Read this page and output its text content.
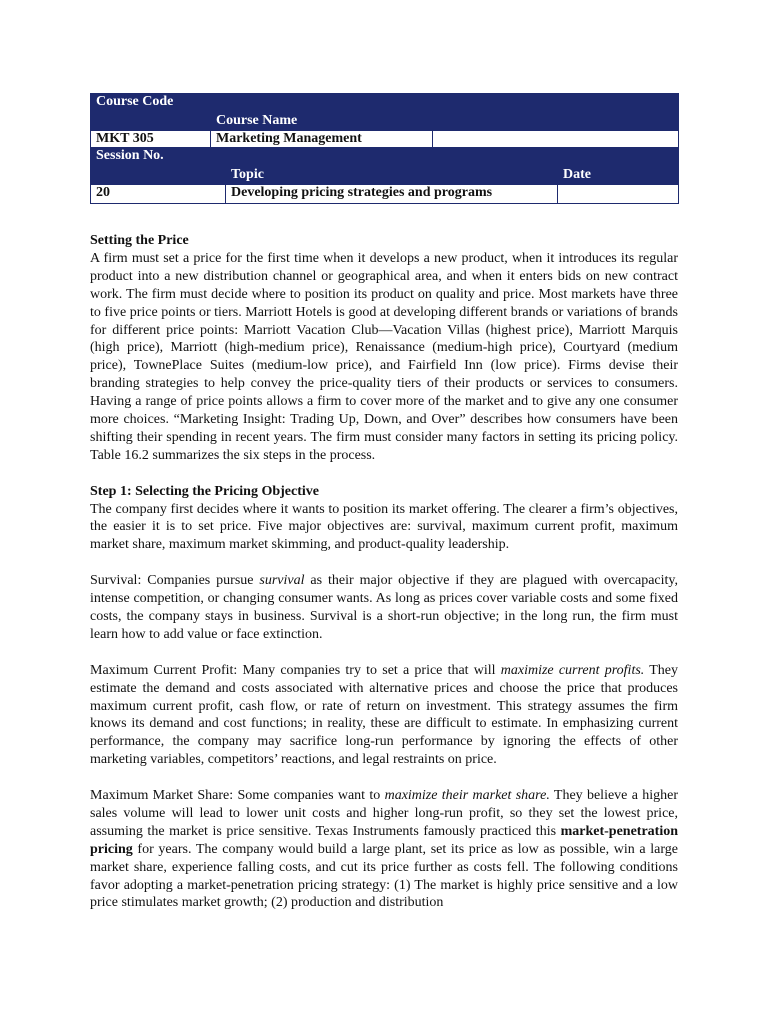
Course Code	Course Name	

MKT 305	Marketing Management	
Session No.	Topic	Date

20	Developing pricing strategies and programs	
Setting the Price

A firm must set a price for the first time when it develops a new product, when it introduces its regular product into a new distribution channel or geographical area, and when it enters bids on new contract work. The firm must decide where to position its product on quality and price. Most markets have three to five price points or tiers. Marriott Hotels is good at developing different brands or variations of brands for different price points: Marriott Vacation Club—Vacation Villas (highest price), Marriott Marquis (high price), Marriott (high-medium price), Renaissance (medium-high price), Courtyard (medium price), TownePlace Suites (medium-low price), and Fairfield Inn (low price). Firms devise their branding strategies to help convey the price-quality tiers of their products or services to consumers. Having a range of price points allows a firm to cover more of the market and to give any one consumer more choices. “Marketing Insight: Trading Up, Down, and Over” describes how consumers have been shifting their spending in recent years. The firm must consider many factors in setting its pricing policy. Table 16.2 summarizes the six steps in the process.

Step 1: Selecting the Pricing Objective

The company first decides where it wants to position its market offering. The clearer a firm’s objectives, the easier it is to set price. Five major objectives are: survival, maximum current profit, maximum market share, maximum market skimming, and product-quality leadership.

Survival: Companies pursue survival as their major objective if they are plagued with overcapacity, intense competition, or changing consumer wants. As long as prices cover variable costs and some fixed costs, the company stays in business. Survival is a short-run objective; in the long run, the firm must learn how to add value or face extinction.

Maximum Current Profit: Many companies try to set a price that will maximize current profits. They estimate the demand and costs associated with alternative prices and choose the price that produces maximum current profit, cash flow, or rate of return on investment. This strategy assumes the firm knows its demand and cost functions; in reality, these are difficult to estimate. In emphasizing current performance, the company may sacrifice long-run performance by ignoring the effects of other marketing variables, competitors’ reactions, and legal restraints on price.

Maximum Market Share: Some companies want to maximize their market share. They believe a higher sales volume will lead to lower unit costs and higher long-run profit, so they set the lowest price, assuming the market is price sensitive. Texas Instruments famously practiced this market-penetration pricing for years. The company would build a large plant, set its price as low as possible, win a large market share, experience falling costs, and cut its price further as costs fell. The following conditions favor adopting a market-penetration pricing strategy: (1) The market is highly price sensitive and a low price stimulates market growth; (2) production and distribution
